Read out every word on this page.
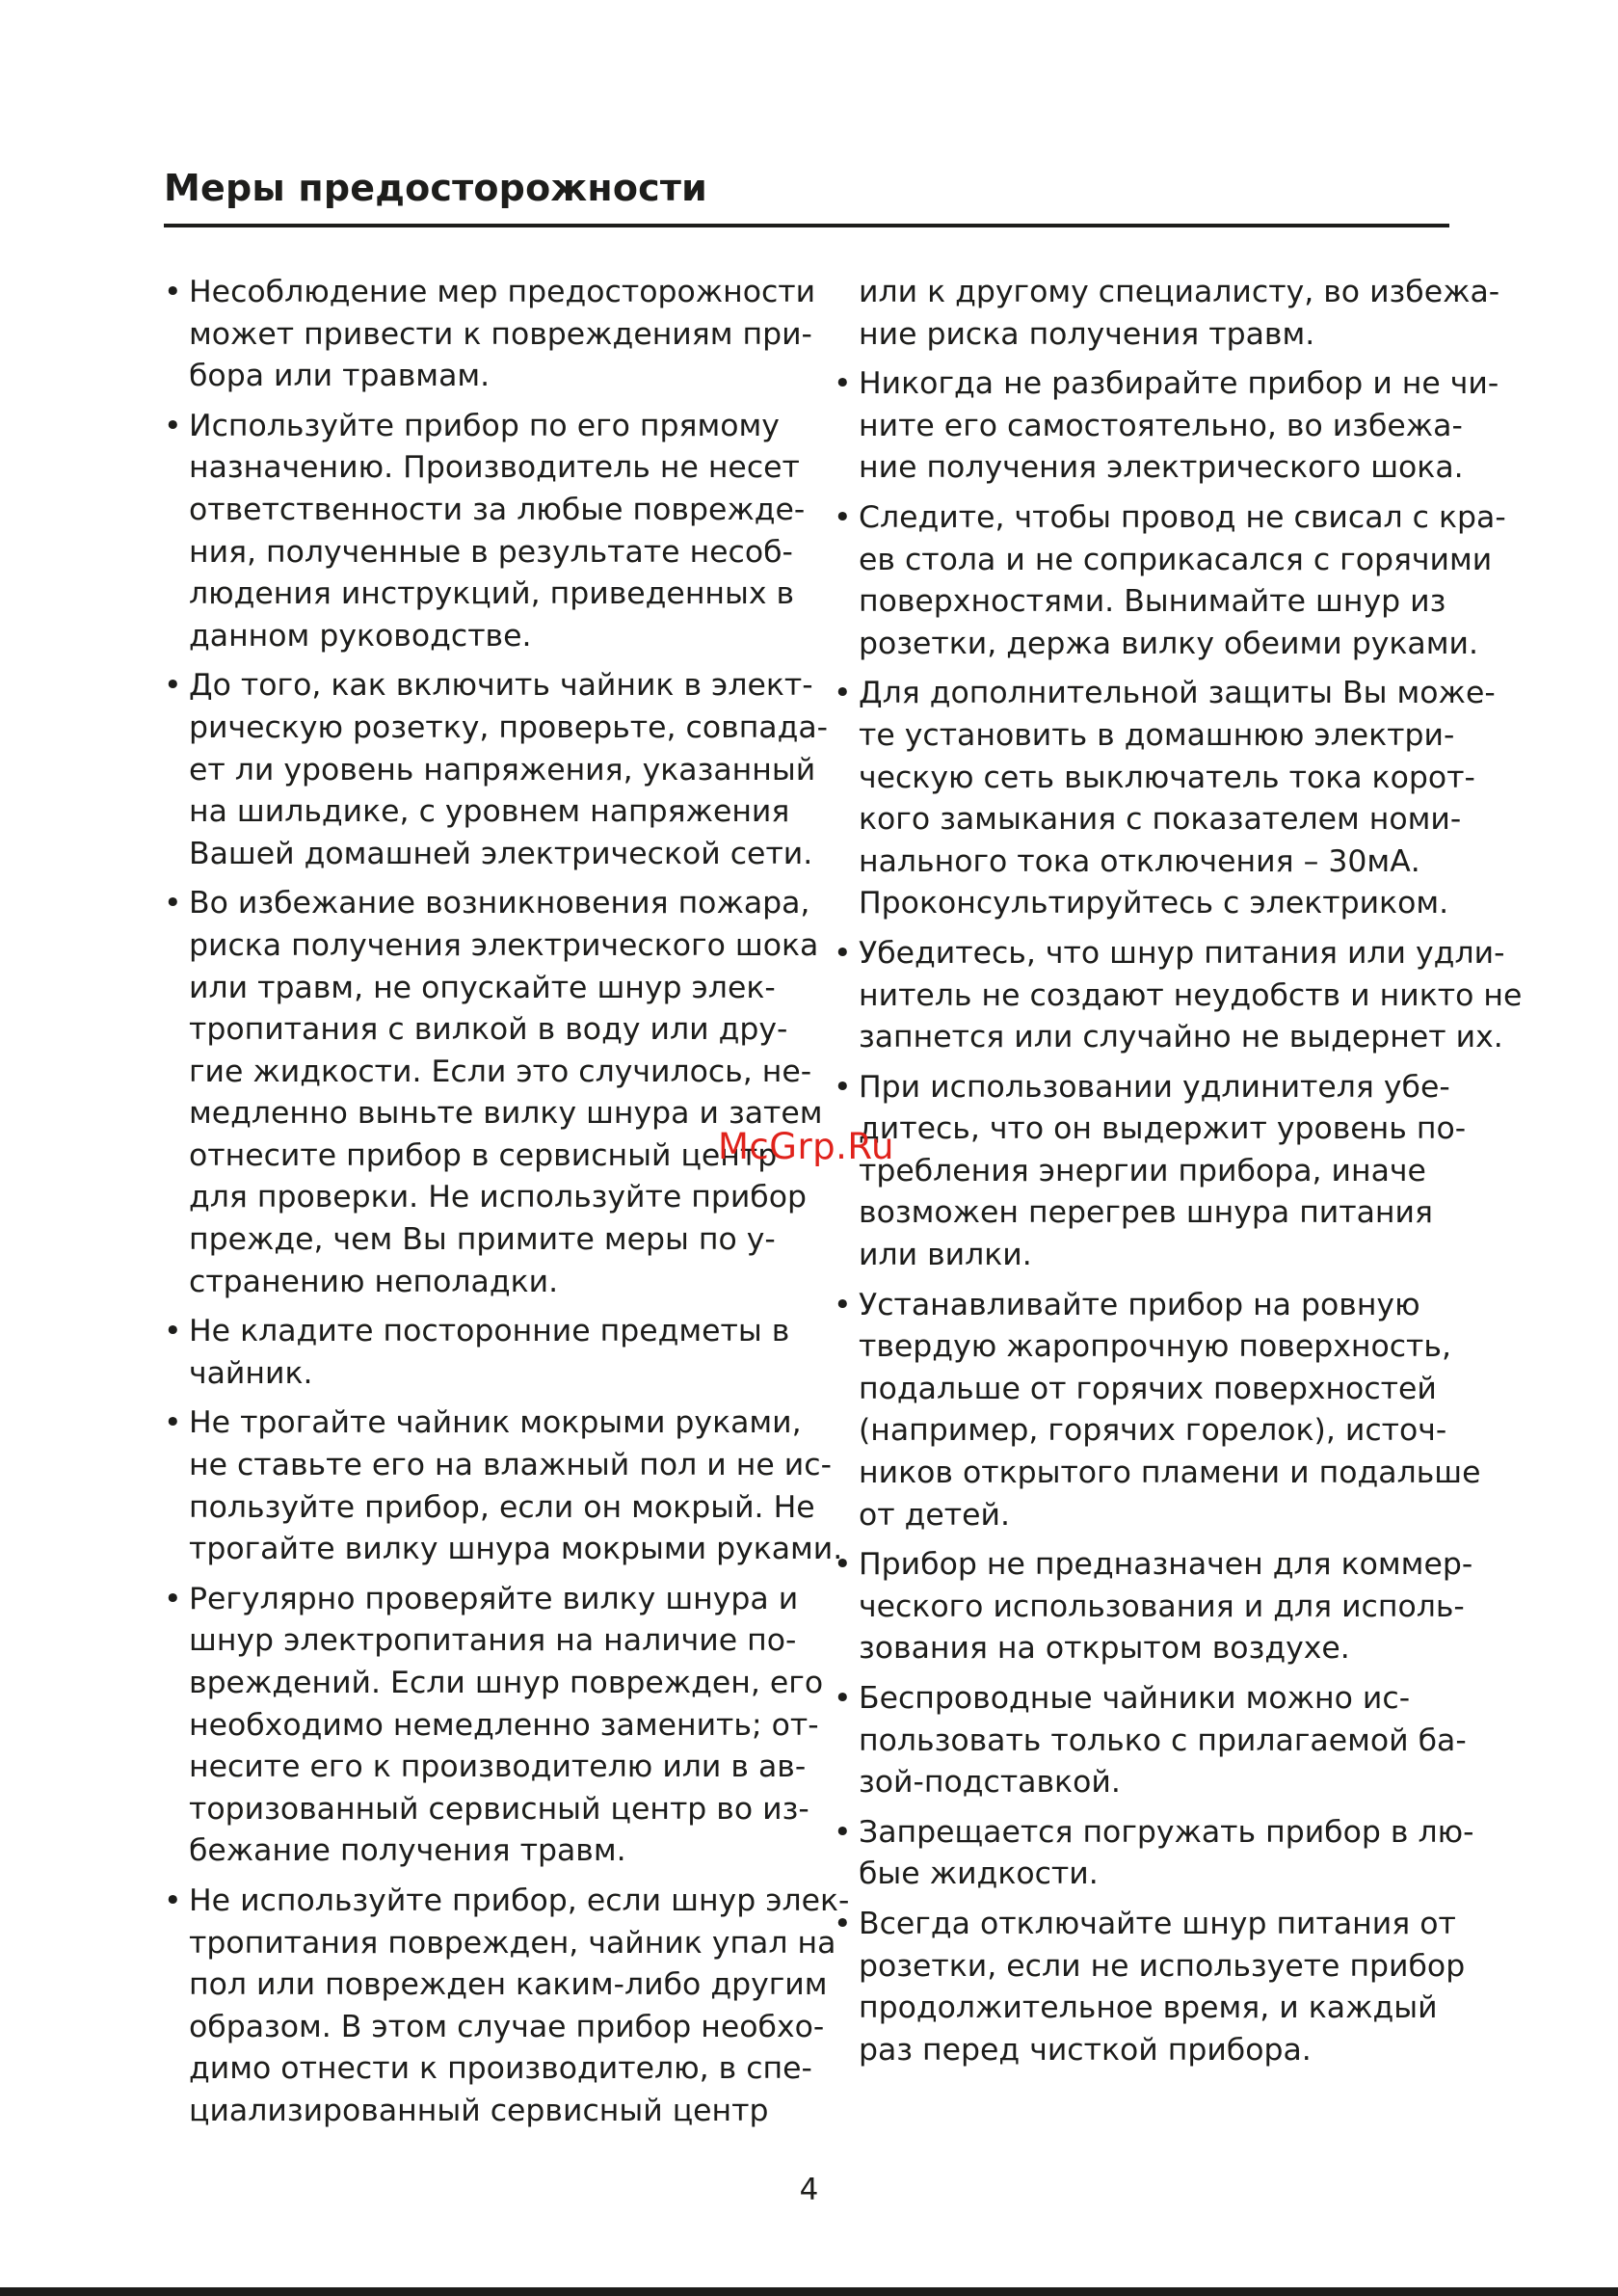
Меры предосторожности
• Несоблюдение мер предосторожности
может привести к повреждениям при-
бора или травмам.
• Используйте прибор по его прямому
назначению. Производитель не несет
ответственности за любые поврежде-
ния, полученные в результате несоб-
людения инструкций, приведенных в
данном руководстве.
• До того, как включить чайник в элект-
рическую розетку, проверьте, совпада-
ет ли уровень напряжения, указанный
на шильдике, с уровнем напряжения
Вашей домашней электрической сети.
• Во избежание возникновения пожара,
риска получения электрического шока
или травм, не опускайте шнур элек-
тропитания с вилкой в воду или дру-
гие жидкости. Если это случилось, не-
медленно выньте вилку шнура и затем
отнесите прибор в сервисный центр
для проверки. Не используйте прибор
прежде, чем Вы примите меры по у-
странению неполадки.
• Не кладите посторонние предметы в
чайник.
• Не трогайте чайник мокрыми руками,
не ставьте его на влажный пол и не ис-
пользуйте прибор, если он мокрый. Не
трогайте вилку шнура мокрыми руками.
• Регулярно проверяйте вилку шнура и
шнур электропитания на наличие по-
вреждений. Если шнур поврежден, его
необходимо немедленно заменить; от-
несите его к производителю или в ав-
торизованный сервисный центр во из-
бежание получения травм.
• Не используйте прибор, если шнур элек-
тропитания поврежден, чайник упал на
пол или поврежден каким-либо другим
образом. В этом случае прибор необхо-
димо отнести к производителю, в спе-
циализированный сервисный центр
или к другому специалисту, во избежа-
ние риска получения травм.
• Никогда не разбирайте прибор и не чи-
ните его самостоятельно, во избежа-
ние получения электрического шока.
• Следите, чтобы провод не свисал с кра-
ев стола и не соприкасался с горячими
поверхностями. Вынимайте шнур из
розетки, держа вилку обеими руками.
• Для дополнительной защиты Вы може-
те установить в домашнюю электри-
ческую сеть выключатель тока корот-
кого замыкания с показателем номи-
нального тока отключения – 30мА.
Проконсультируйтесь с электриком.
• Убедитесь, что шнур питания или удли-
нитель не создают неудобств и никто не
запнется или случайно не выдернет их.
• При использовании удлинителя убе-
дитесь, что он выдержит уровень по-
требления энергии прибора, иначе
возможен перегрев шнура питания
или вилки.
• Устанавливайте прибор на ровную
твердую жаропрочную поверхность,
подальше от горячих поверхностей
(например, горячих горелок), источ-
ников открытого пламени и подальше
от детей.
• Прибор не предназначен для коммер-
ческого использования и для исполь-
зования на открытом воздухе.
• Беспроводные чайники можно ис-
пользовать только с прилагаемой ба-
зой-подставкой.
• Запрещается погружать прибор в лю-
бые жидкости.
• Всегда отключайте шнур питания от
розетки, если не используете прибор
продолжительное время, и каждый
раз перед чисткой прибора.
McGrp.Ru
4
